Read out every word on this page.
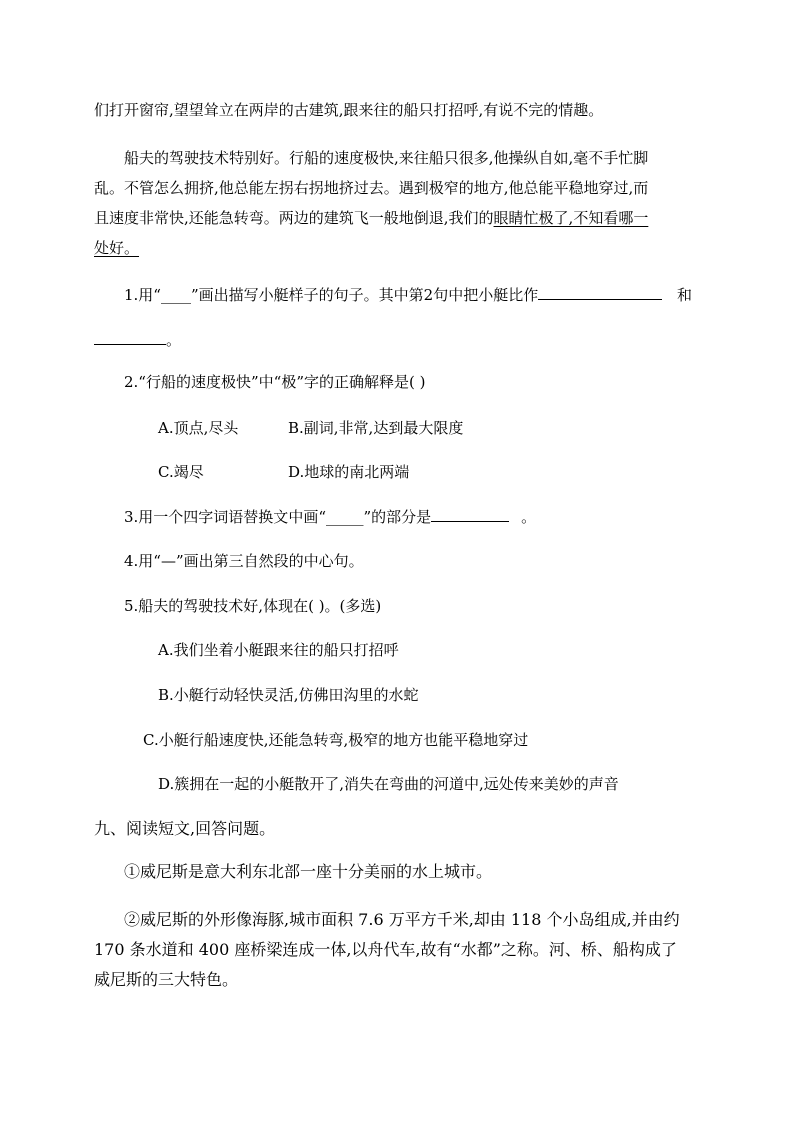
们打开窗帘,望望耸立在两岸的古建筑,跟来往的船只打招呼,有说不完的情趣。
船夫的驾驶技术特别好。行船的速度极快,来往船只很多,他操纵自如,毫不手忙脚
乱。不管怎么拥挤,他总能左拐右拐地挤过去。遇到极窄的地方,他总能平稳地穿过,而
且速度非常快,还能急转弯。两边的建筑飞一般地倒退,我们的眼睛忙极了,不知看哪一
处好。
1.用“____”画出描写小艇样子的句子。其中第2句中把小艇比作	和
。
2.“行船的速度极快”中“极”字的正确解释是( )
A.顶点,尽头	B.副词,非常,达到最大限度
C.竭尽	D.地球的南北两端
3.用一个四字词语替换文中画“_____”的部分是	。
4.用“—”画出第三自然段的中心句。
5.船夫的驾驶技术好,体现在( )。(多选)
A.我们坐着小艇跟来往的船只打招呼
B.小艇行动轻快灵活,仿佛田沟里的水蛇
C.小艇行船速度快,还能急转弯,极窄的地方也能平稳地穿过
D.簇拥在一起的小艇散开了,消失在弯曲的河道中,远处传来美妙的声音
九、阅读短文,回答问题。
①威尼斯是意大利东北部一座十分美丽的水上城市。
②威尼斯的外形像海豚,城市面积 7.6 万平方千米,却由 118 个小岛组成,并由约
170 条水道和 400 座桥梁连成一体,以舟代车,故有“水都”之称。河、桥、船构成了
威尼斯的三大特色。
